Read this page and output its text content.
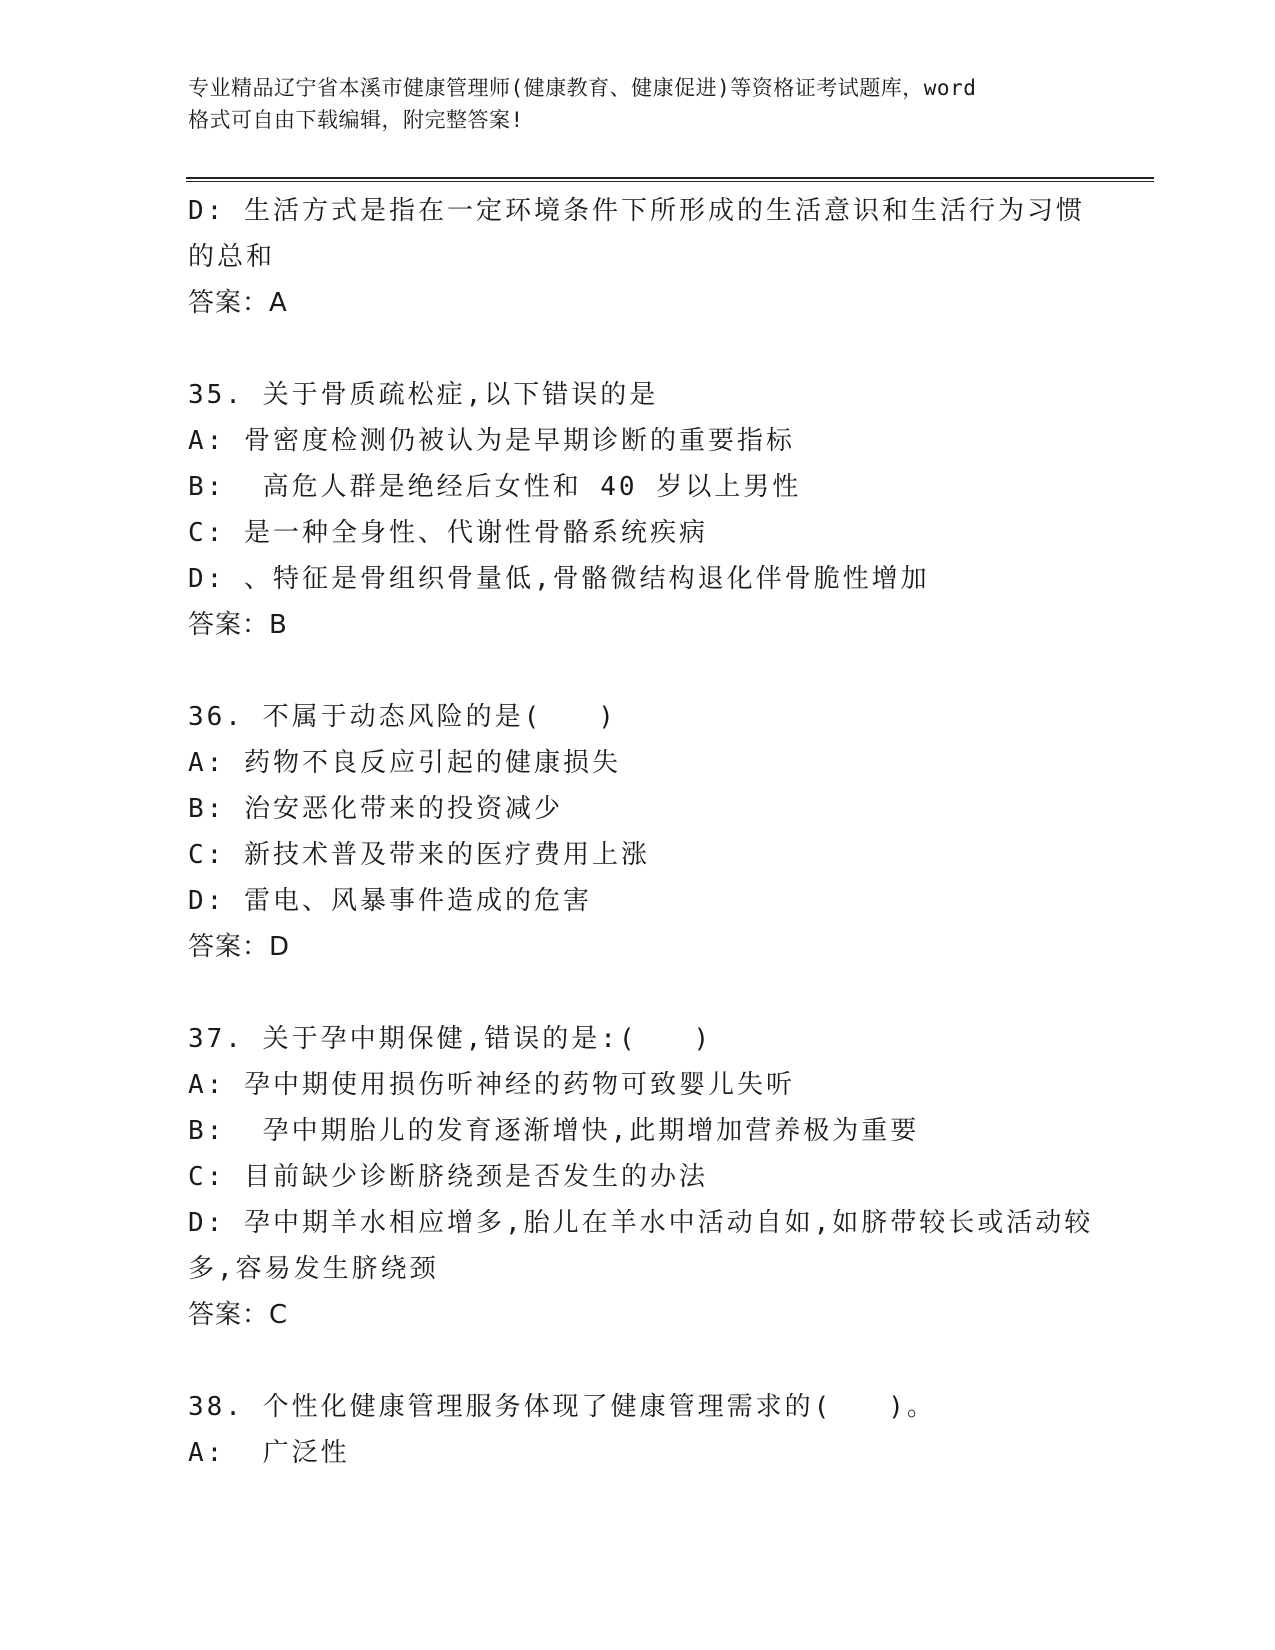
专业精品辽宁省本溪市健康管理师(健康教育、健康促进)等资格证考试题库，word
格式可自由下载编辑，附完整答案!

D: 生活方式是指在一定环境条件下所形成的生活意识和生活行为习惯

的总和

答案：A

35. 关于骨质疏松症,以下错误的是

A: 骨密度检测仍被认为是早期诊断的重要指标

B:  高危人群是绝经后女性和 40 岁以上男性

C: 是一种全身性、代谢性骨骼系统疾病

D: 、特征是骨组织骨量低,骨骼微结构退化伴骨脆性增加

答案：B

36. 不属于动态风险的是(   )

A: 药物不良反应引起的健康损失

B: 治安恶化带来的投资减少

C: 新技术普及带来的医疗费用上涨

D: 雷电、风暴事件造成的危害

答案：D

37. 关于孕中期保健,错误的是:(   )

A: 孕中期使用损伤听神经的药物可致婴儿失听

B:  孕中期胎儿的发育逐渐增快,此期增加营养极为重要

C: 目前缺少诊断脐绕颈是否发生的办法

D: 孕中期羊水相应增多,胎儿在羊水中活动自如,如脐带较长或活动较

多,容易发生脐绕颈

答案：C

38. 个性化健康管理服务体现了健康管理需求的(   )。

A:  广泛性
